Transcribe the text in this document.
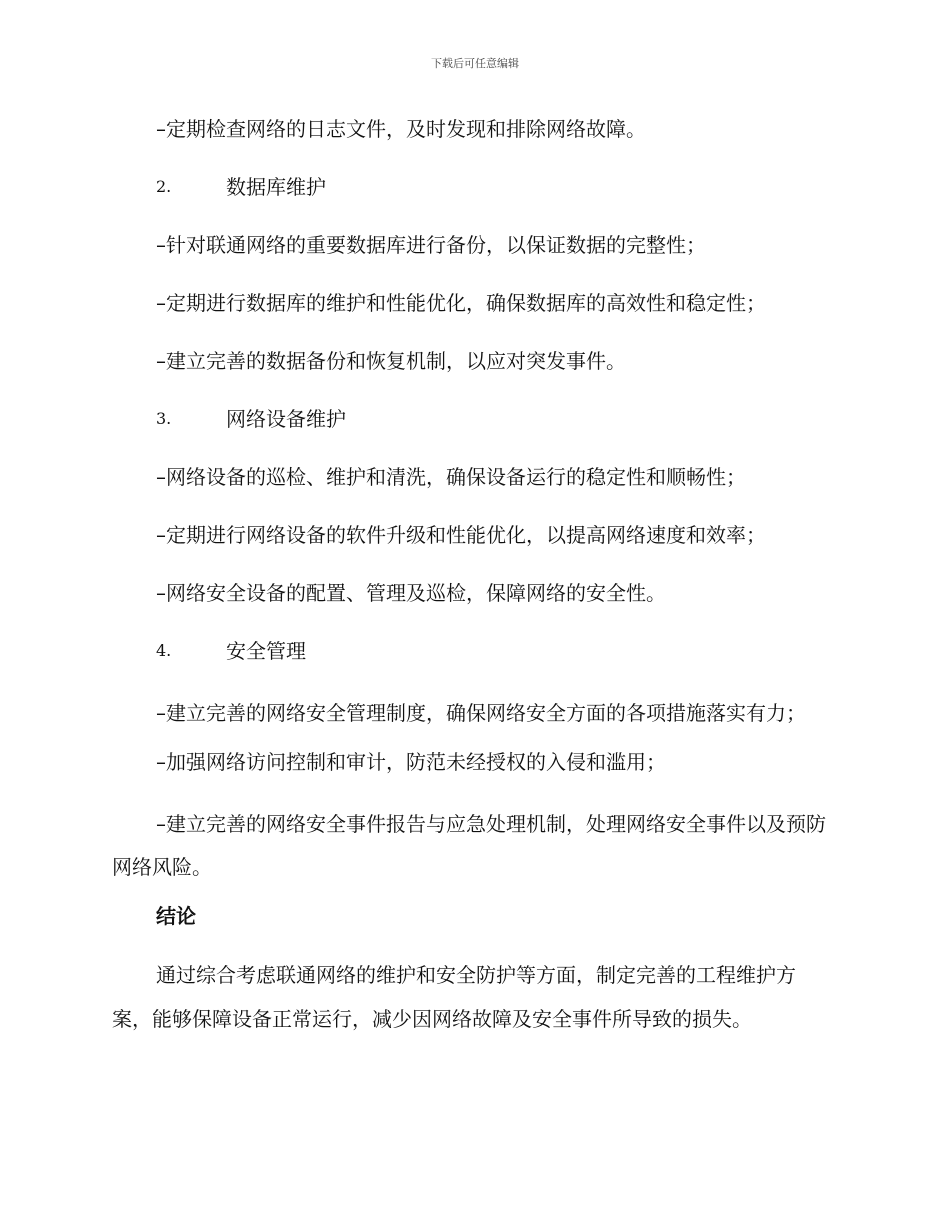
下载后可任意编辑

–定期检查网络的日志文件，及时发现和排除网络故障。

2.	数据库维护

–针对联通网络的重要数据库进行备份，以保证数据的完整性；

–定期进行数据库的维护和性能优化，确保数据库的高效性和稳定性；

–建立完善的数据备份和恢复机制，以应对突发事件。

3.	网络设备维护

–网络设备的巡检、维护和清洗，确保设备运行的稳定性和顺畅性；

–定期进行网络设备的软件升级和性能优化，以提高网络速度和效率；

–网络安全设备的配置、管理及巡检，保障网络的安全性。

4.	安全管理

–建立完善的网络安全管理制度，确保网络安全方面的各项措施落实有力；

–加强网络访问控制和审计，防范未经授权的入侵和滥用；

–建立完善的网络安全事件报告与应急处理机制，处理网络安全事件以及预防网络风险。

结论

通过综合考虑联通网络的维护和安全防护等方面，制定完善的工程维护方案，能够保障设备正常运行，减少因网络故障及安全事件所导致的损失。
